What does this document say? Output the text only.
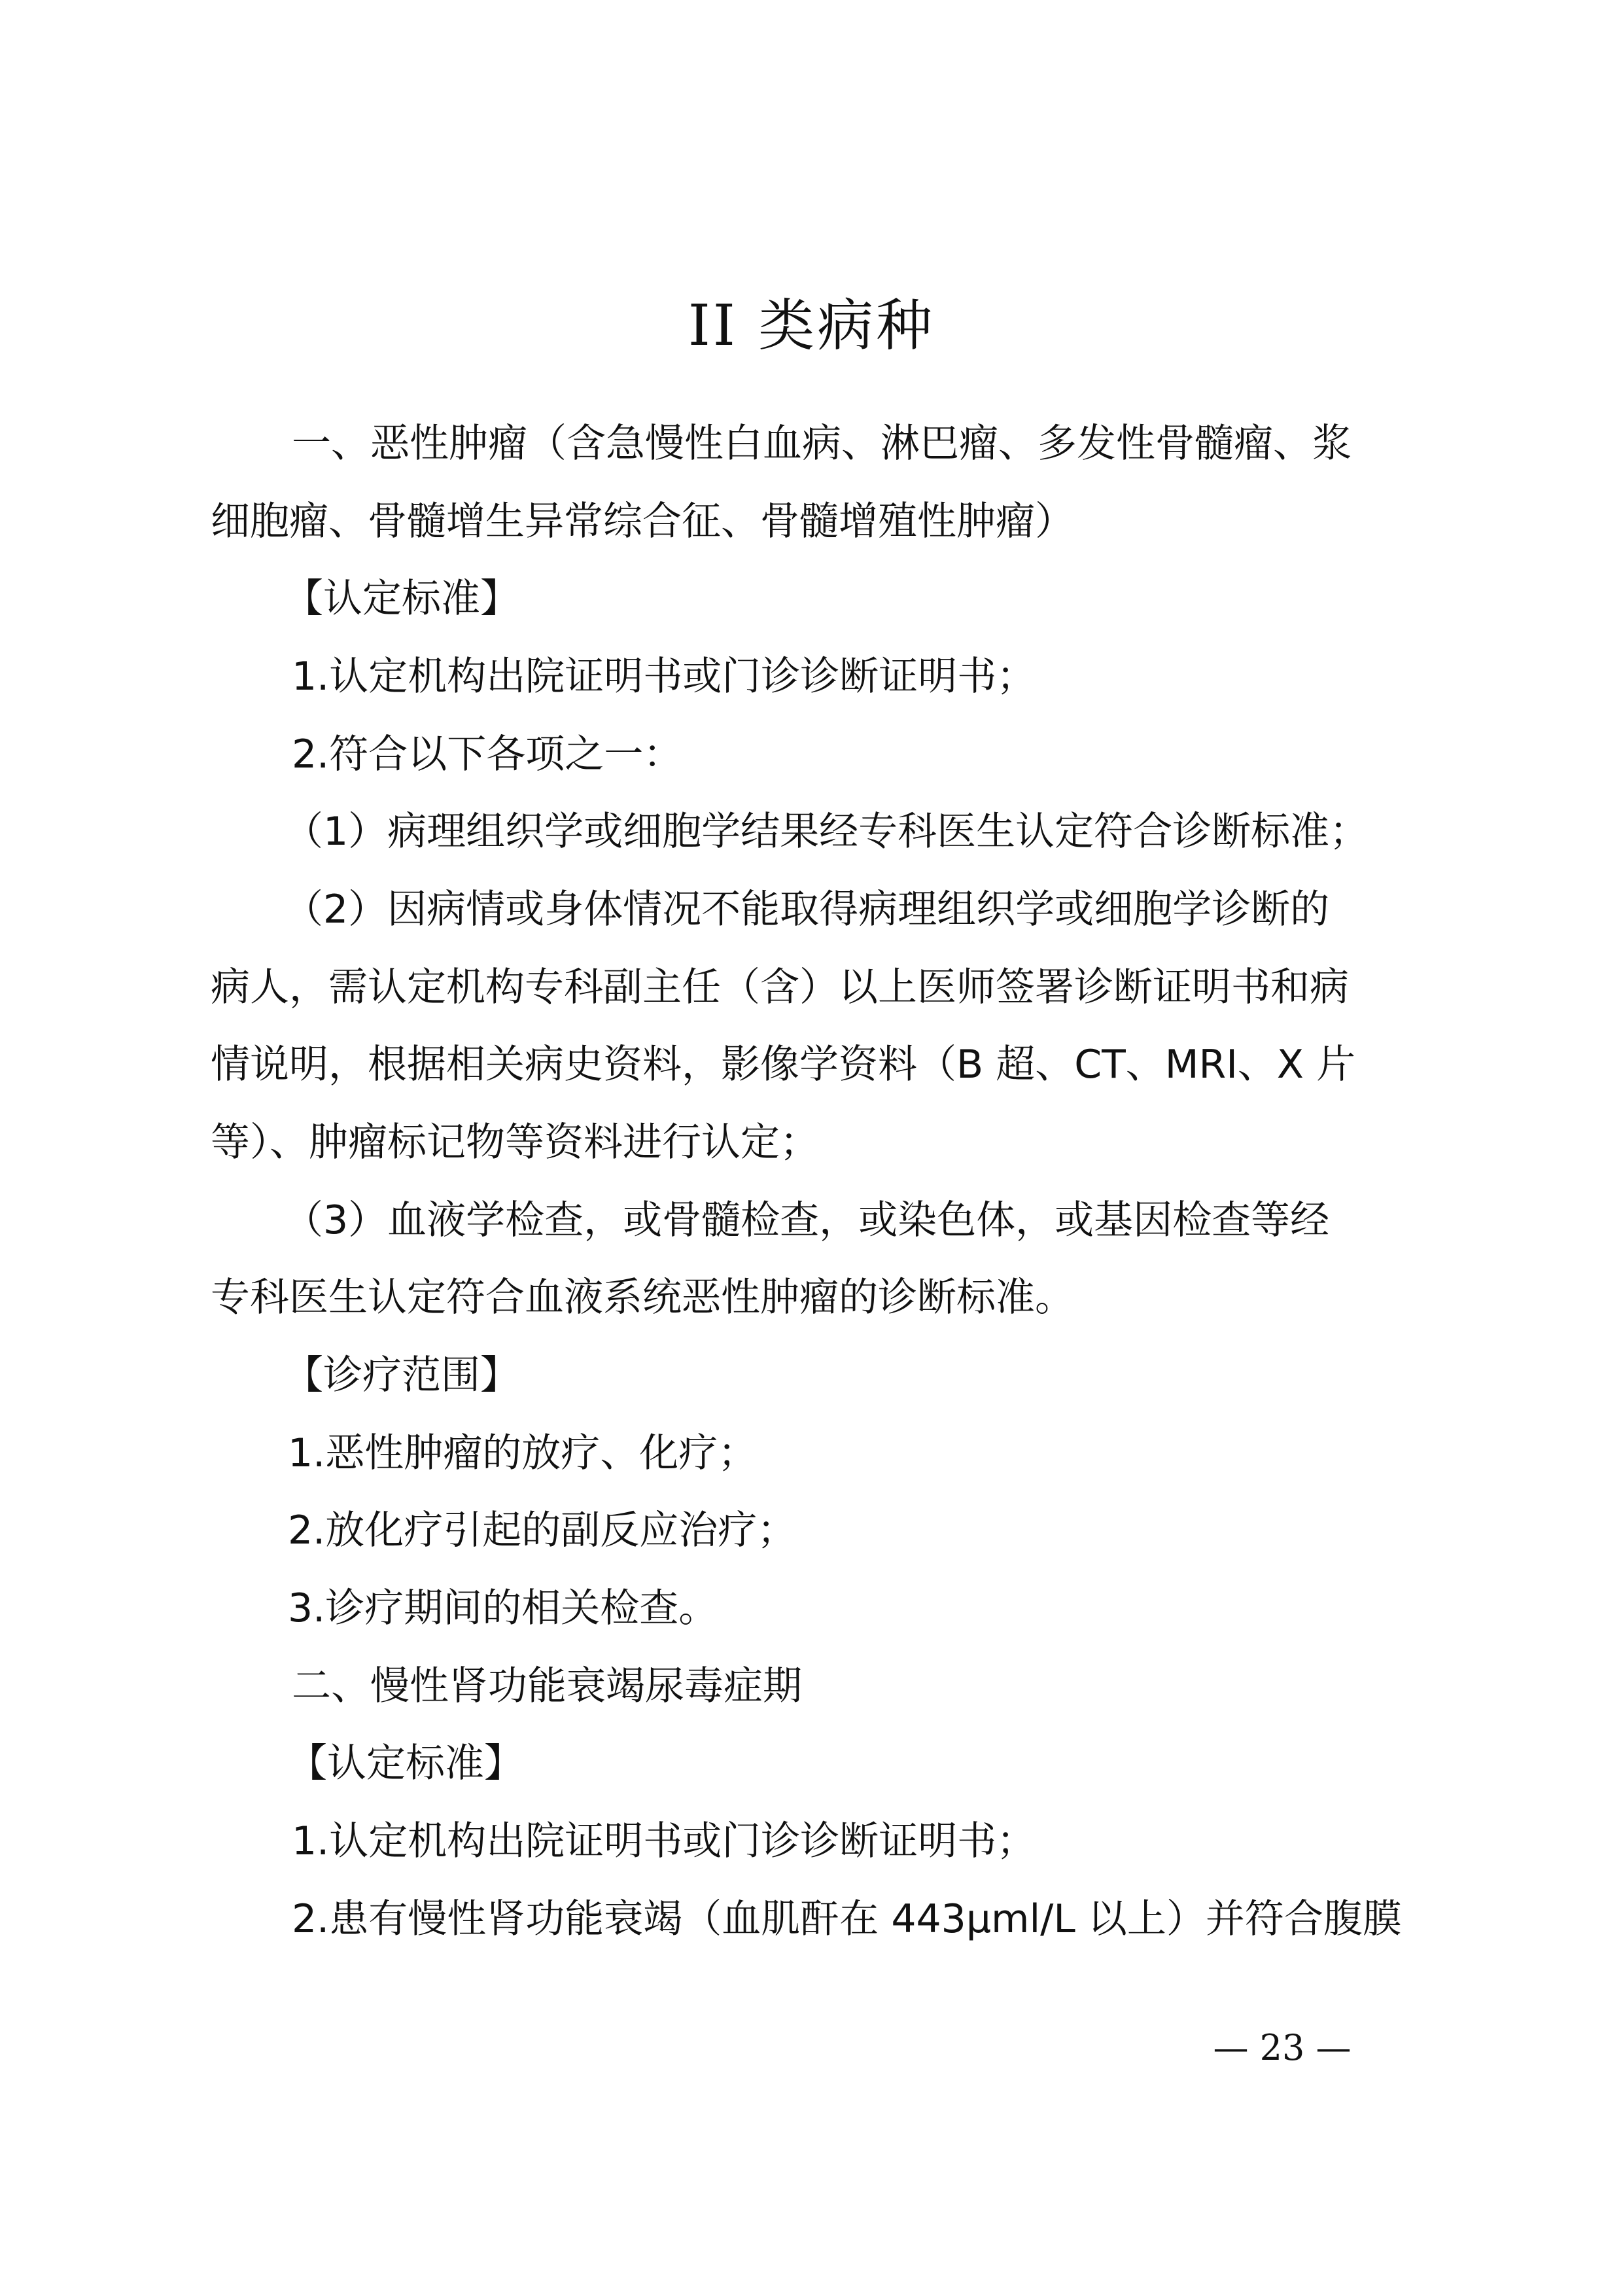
II 类病种
一、恶性肿瘤（含急慢性白血病、淋巴瘤、多发性骨髓瘤、浆
细胞瘤、骨髓增生异常综合征、骨髓增殖性肿瘤）
【认定标准】
1.认定机构出院证明书或门诊诊断证明书；
2.符合以下各项之一：
（1）病理组织学或细胞学结果经专科医生认定符合诊断标准；
（2）因病情或身体情况不能取得病理组织学或细胞学诊断的
病人，需认定机构专科副主任（含）以上医师签署诊断证明书和病
情说明，根据相关病史资料，影像学资料（B 超、CT、MRI、X 片
等）、肿瘤标记物等资料进行认定；
（3）血液学检查，或骨髓检查，或染色体，或基因检查等经
专科医生认定符合血液系统恶性肿瘤的诊断标准。
【诊疗范围】
1.恶性肿瘤的放疗、化疗；
2.放化疗引起的副反应治疗；
3.诊疗期间的相关检查。
二、慢性肾功能衰竭尿毒症期
【认定标准】
1.认定机构出院证明书或门诊诊断证明书；
2.患有慢性肾功能衰竭（血肌酐在 443μml/L 以上）并符合腹膜
— 23 —
